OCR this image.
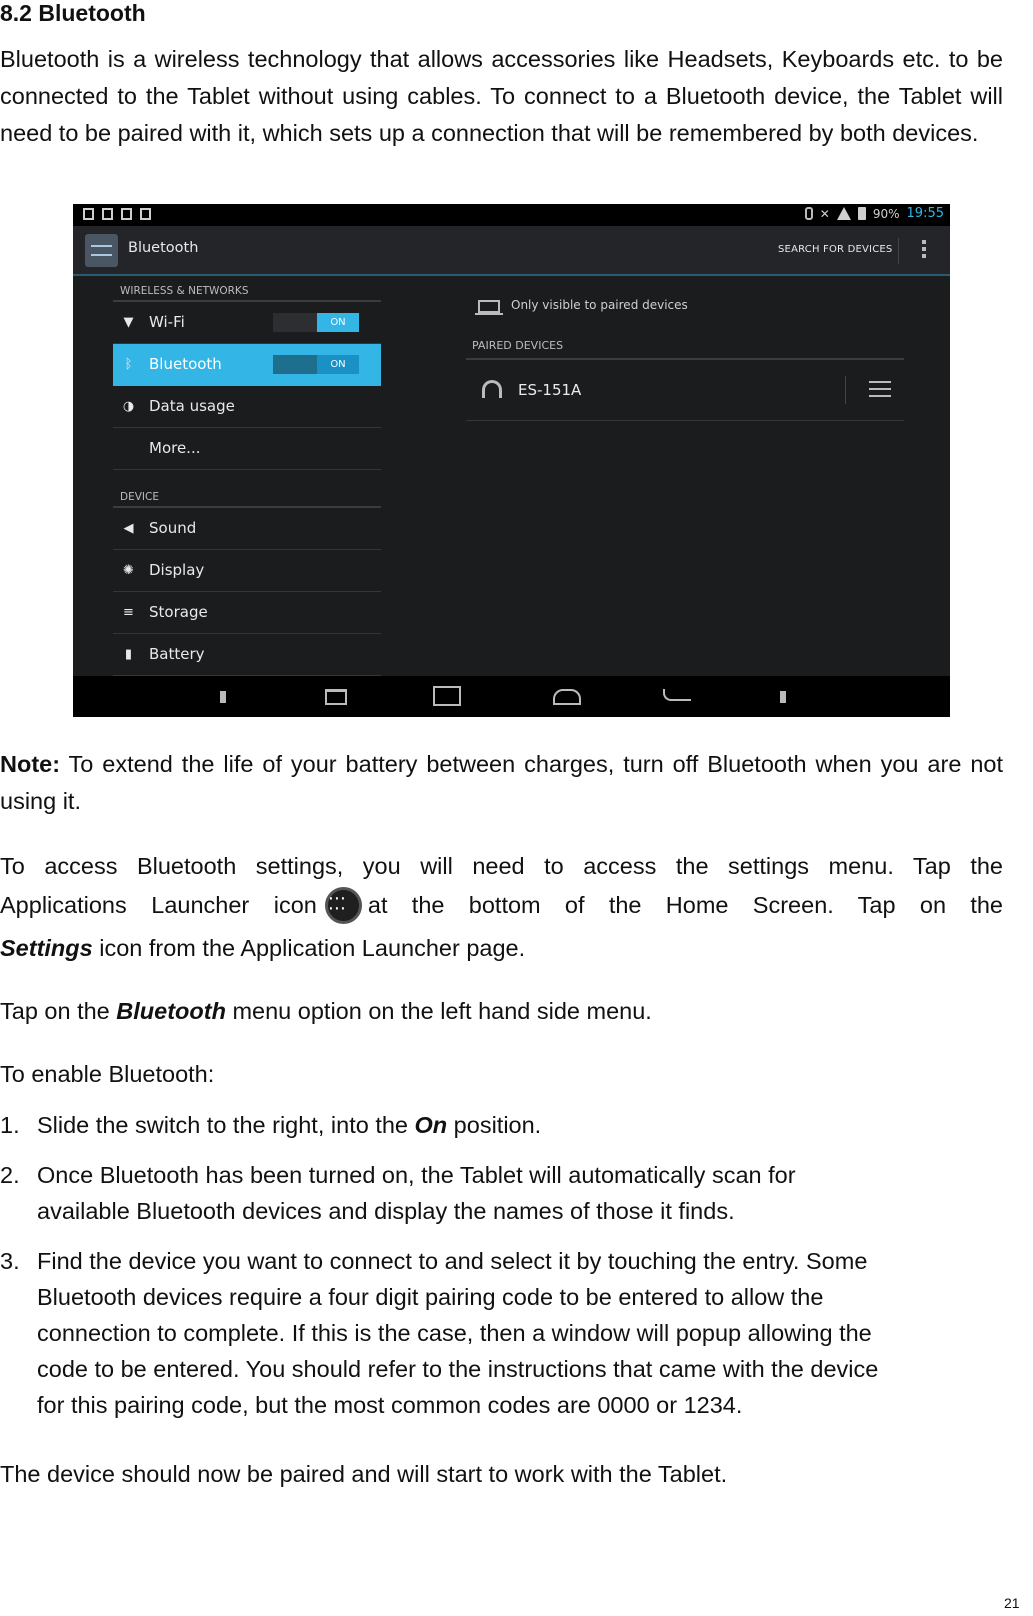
8.2 Bluetooth
Bluetooth is a wireless technology that allows accessories like Headsets, Keyboards etc. to be connected to the Tablet without using cables. To connect to a Bluetooth device, the Tablet will need to be paired with it, which sets up a connection that will be remembered by both devices.
✕	90% 19:55
Bluetooth	SEARCH FOR DEVICES
WIRELESS & NETWORKS
▼ Wi-Fi	ON
ᛒ Bluetooth	ON
◑ Data usage
More...
DEVICE
◀ Sound
✺ Display
≡ Storage
▮ Battery
Only visible to paired devices
PAIRED DEVICES
ES-151A
Note: To extend the life of your battery between charges, turn off Bluetooth when you are not using it.
To access Bluetooth settings, you will need to access the settings menu. Tap the
Applications Launcher icon
⋯ ⋯ at the bottom of the Home Screen. Tap on the
Settings icon from the Application Launcher page.
Tap on the Bluetooth menu option on the left hand side menu.
To enable Bluetooth:
1. Slide the switch to the right, into the On position.
2. Once Bluetooth has been turned on, the Tablet will automatically scan for
available Bluetooth devices and display the names of those it finds.
3. Find the device you want to connect to and select it by touching the entry. Some
Bluetooth devices require a four digit pairing code to be entered to allow the
connection to complete. If this is the case, then a window will popup allowing the
code to be entered. You should refer to the instructions that came with the device
for this pairing code, but the most common codes are 0000 or 1234.
The device should now be paired and will start to work with the Tablet.
21
